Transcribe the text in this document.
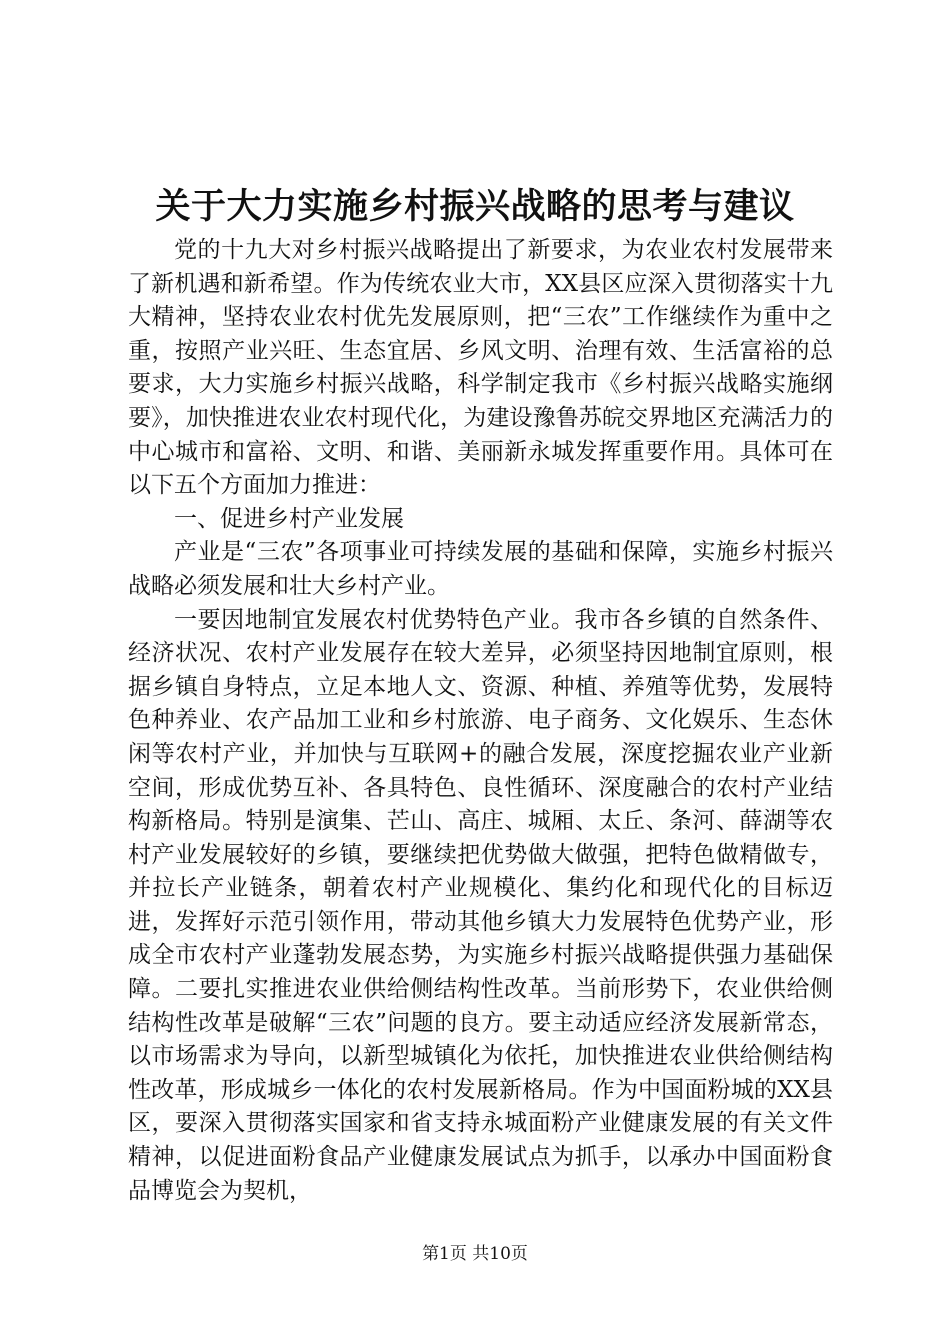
关于大力实施乡村振兴战略的思考与建议

党的十九大对乡村振兴战略提出了新要求，为农业农村发展带来了新机遇和新希望。作为传统农业大市，XX县区应深入贯彻落实十九大精神，坚持农业农村优先发展原则，把“三农”工作继续作为重中之重，按照产业兴旺、生态宜居、乡风文明、治理有效、生活富裕的总要求，大力实施乡村振兴战略，科学制定我市《乡村振兴战略实施纲要》，加快推进农业农村现代化，为建设豫鲁苏皖交界地区充满活力的中心城市和富裕、文明、和谐、美丽新永城发挥重要作用。具体可在以下五个方面加力推进：

一、促进乡村产业发展

产业是“三农”各项事业可持续发展的基础和保障，实施乡村振兴战略必须发展和壮大乡村产业。

一要因地制宜发展农村优势特色产业。我市各乡镇的自然条件、经济状况、农村产业发展存在较大差异，必须坚持因地制宜原则，根据乡镇自身特点，立足本地人文、资源、种植、养殖等优势，发展特色种养业、农产品加工业和乡村旅游、电子商务、文化娱乐、生态休闲等农村产业，并加快与互联网+的融合发展，深度挖掘农业产业新空间，形成优势互补、各具特色、良性循环、深度融合的农村产业结构新格局。特别是演集、芒山、高庄、城厢、太丘、条河、薛湖等农村产业发展较好的乡镇，要继续把优势做大做强，把特色做精做专，并拉长产业链条，朝着农村产业规模化、集约化和现代化的目标迈进，发挥好示范引领作用，带动其他乡镇大力发展特色优势产业，形成全市农村产业蓬勃发展态势，为实施乡村振兴战略提供强力基础保障。二要扎实推进农业供给侧结构性改革。当前形势下，农业供给侧结构性改革是破解“三农”问题的良方。要主动适应经济发展新常态，以市场需求为导向，以新型城镇化为依托，加快推进农业供给侧结构性改革，形成城乡一体化的农村发展新格局。作为中国面粉城的XX县区，要深入贯彻落实国家和省支持永城面粉产业健康发展的有关文件精神，以促进面粉食品产业健康发展试点为抓手，以承办中国面粉食品博览会为契机，

第1页 共10页
